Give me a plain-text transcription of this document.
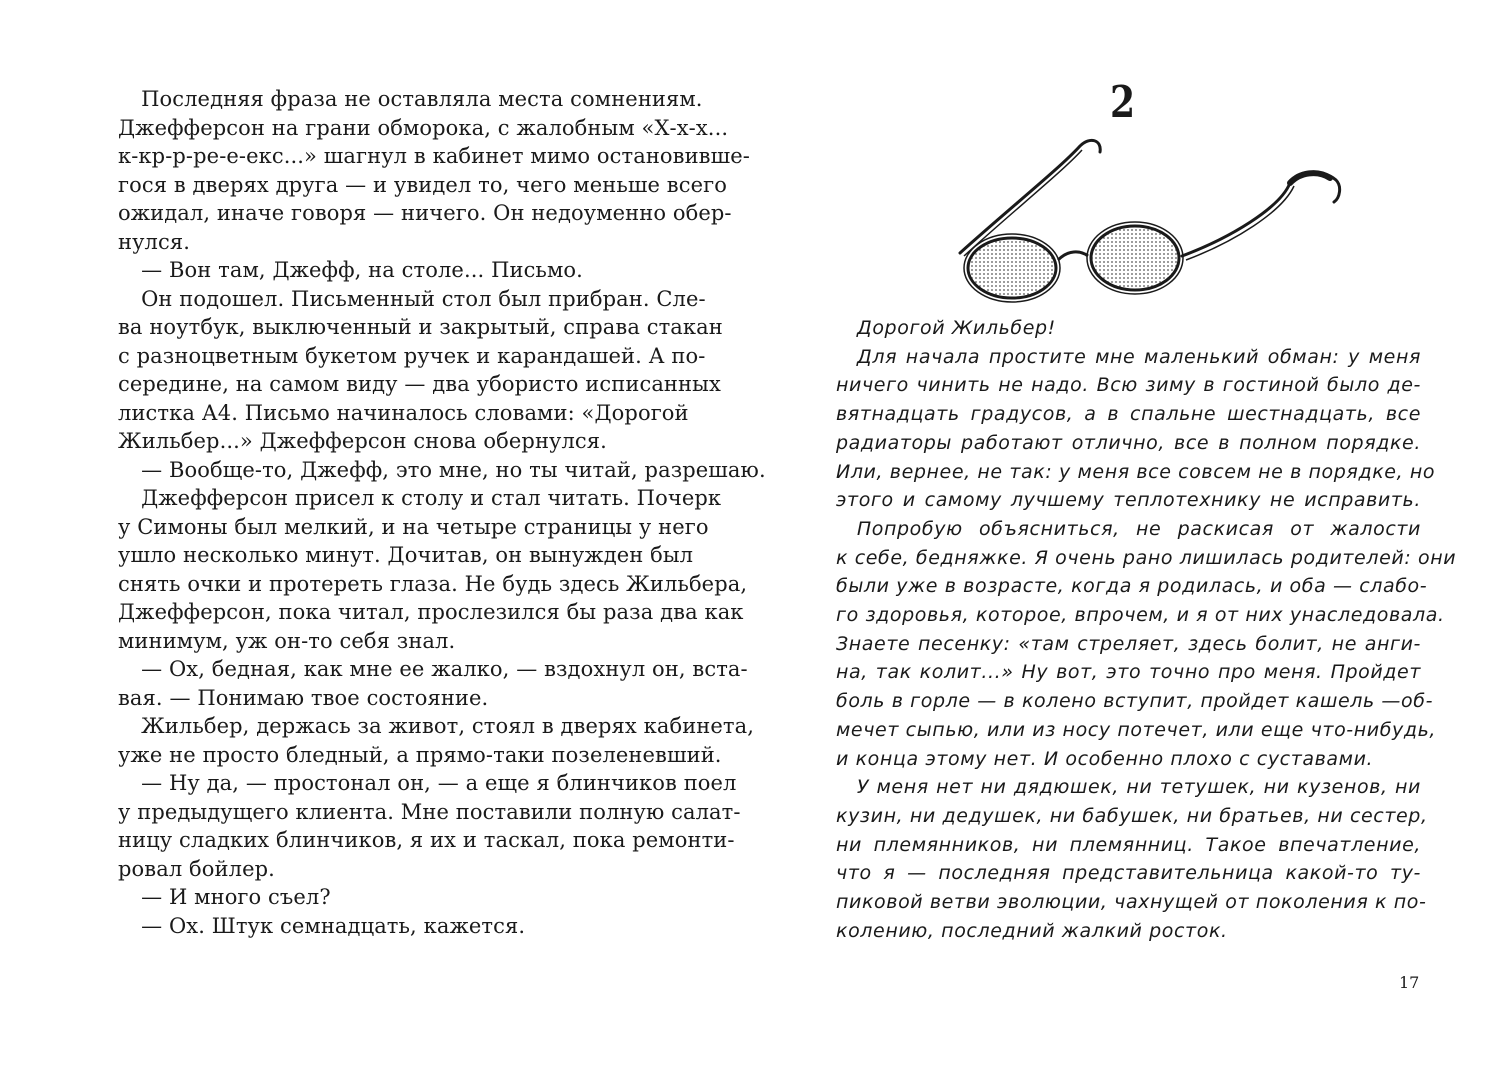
Последняя фраза не оставляла места сомнениям.
Джефферсон на грани обморока, с жалобным «Х-х-х...
к-кр-р-ре-е-екс...» шагнул в кабинет мимо остановивше-
гося в дверях друга — и увидел то, чего меньше всего
ожидал, иначе говоря — ничего. Он недоуменно обер-
нулся.
— Вон там, Джефф, на столе... Письмо.
Он подошел. Письменный стол был прибран. Сле-
ва ноутбук, выключенный и закрытый, справа стакан
с разноцветным букетом ручек и карандашей. А по-
середине, на самом виду — два убористо исписанных
листка А4. Письмо начиналось словами: «Дорогой
Жильбер...» Джефферсон снова обернулся.
— Вообще-то, Джефф, это мне, но ты читай, разрешаю.
Джефферсон присел к столу и стал читать. Почерк
у Симоны был мелкий, и на четыре страницы у него
ушло несколько минут. Дочитав, он вынужден был
снять очки и протереть глаза. Не будь здесь Жильбера,
Джефферсон, пока читал, прослезился бы раза два как
минимум, уж он-то себя знал.
— Ох, бедная, как мне ее жалко, — вздохнул он, вста-
вая. — Понимаю твое состояние.
Жильбер, держась за живот, стоял в дверях кабинета,
уже не просто бледный, а прямо-таки позеленевший.
— Ну да, — простонал он, — а еще я блинчиков поел
у предыдущего клиента. Мне поставили полную салат-
ницу сладких блинчиков, я их и таскал, пока ремонти-
ровал бойлер.
— И много съел?
— Ох. Штук семнадцать, кажется.
2
Дорогой Жильбер!
Для начала простите мне маленький обман: у меня
ничего чинить не надо. Всю зиму в гостиной было де-
вятнадцать градусов, а в спальне шестнадцать, все
радиаторы работают отлично, все в полном порядке.
Или, вернее, не так: у меня все совсем не в порядке, но
этого и самому лучшему теплотехнику не исправить.
Попробую объясниться, не раскисая от жалости
к себе, бедняжке. Я очень рано лишилась родителей: они
были уже в возрасте, когда я родилась, и оба — слабо-
го здоровья, которое, впрочем, и я от них унаследовала.
Знаете песенку: «там стреляет, здесь болит, не анги-
на, так колит...» Ну вот, это точно про меня. Пройдет
боль в горле — в колено вступит, пройдет кашель —об-
мечет сыпью, или из носу потечет, или еще что-нибудь,
и конца этому нет. И особенно плохо с суставами.
У меня нет ни дядюшек, ни тетушек, ни кузенов, ни
кузин, ни дедушек, ни бабушек, ни братьев, ни сестер,
ни племянников, ни племянниц. Такое впечатление,
что я — последняя представительница какой-то ту-
пиковой ветви эволюции, чахнущей от поколения к по-
колению, последний жалкий росток.
17
